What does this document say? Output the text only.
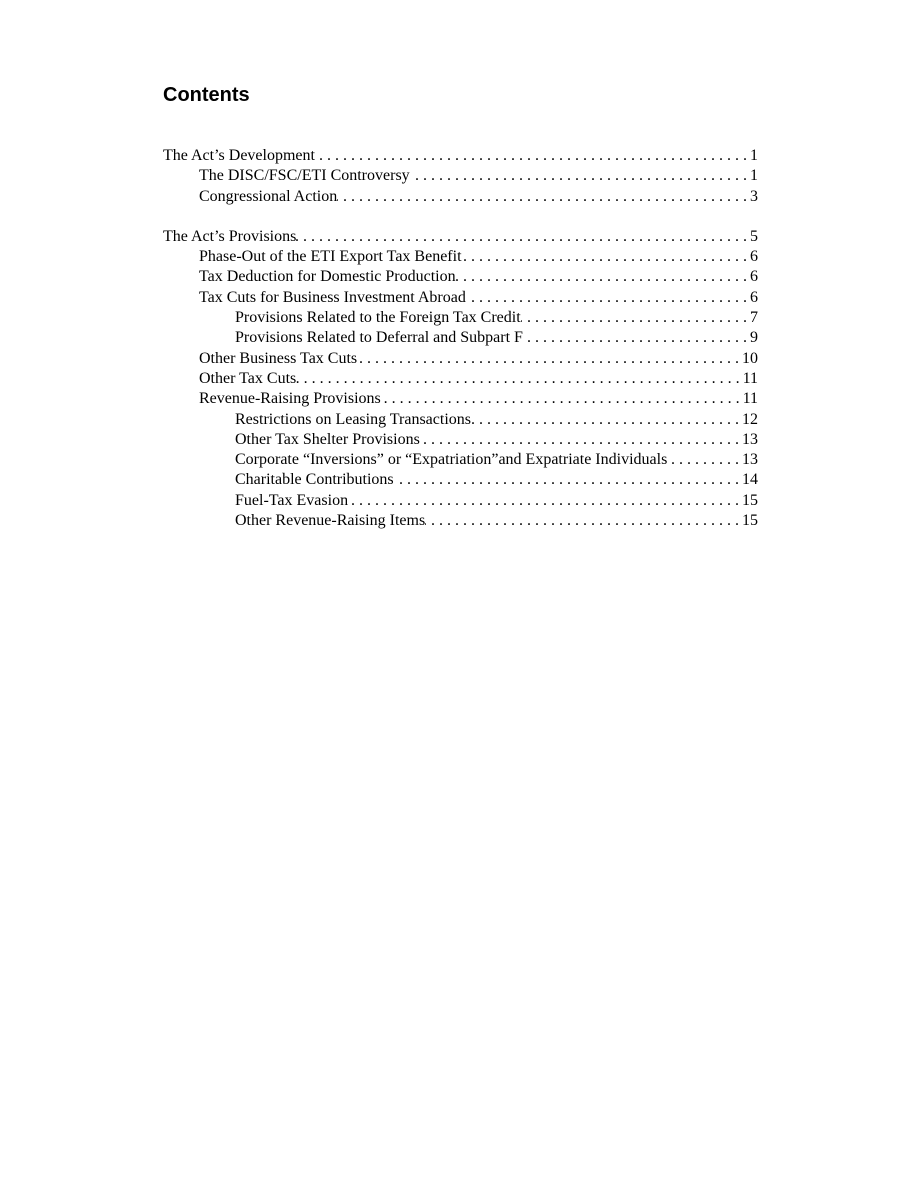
Contents
The Act’s Development . . .	1
The DISC/FSC/ETI Controversy . . .	1
Congressional Action . . .	3
The Act’s Provisions . . .	5
Phase-Out of the ETI Export Tax Benefit . . .	6
Tax Deduction for Domestic Production . . .	6
Tax Cuts for Business Investment Abroad . . .	6
Provisions Related to the Foreign Tax Credit . . .	7
Provisions Related to Deferral and Subpart F . . .	9
Other Business Tax Cuts . . .	10
Other Tax Cuts . . .	11
Revenue-Raising Provisions . . .	11
Restrictions on Leasing Transactions . . .	12
Other Tax Shelter Provisions . . .	13
Corporate “Inversions” or “Expatriation”and Expatriate Individuals . . .	13
Charitable Contributions . . .	14
Fuel-Tax Evasion . . .	15
Other Revenue-Raising Items . . .	15
